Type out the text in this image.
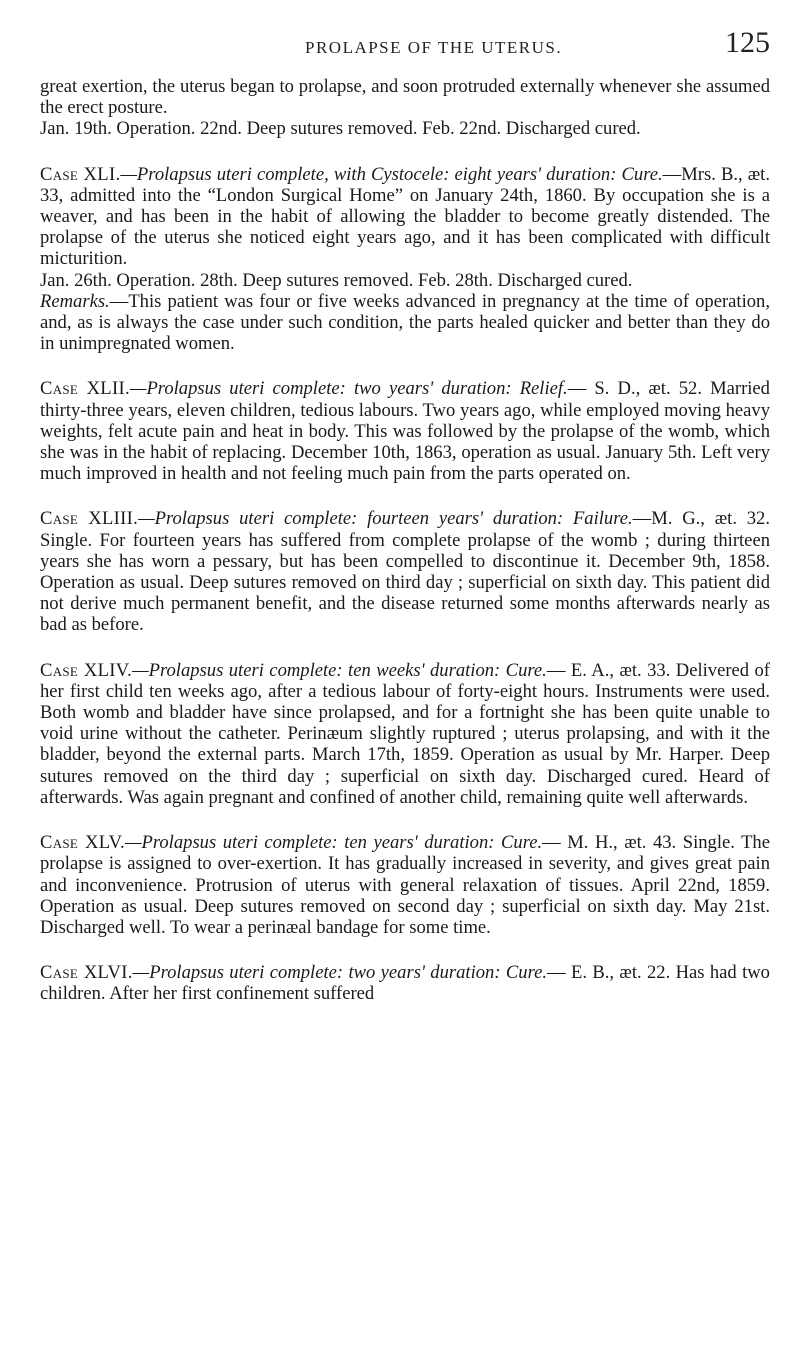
PROLAPSE OF THE UTERUS.	125

great exertion, the uterus began to prolapse, and soon protruded externally whenever she assumed the erect posture.

Jan. 19th. Operation. 22nd. Deep sutures removed. Feb. 22nd. Discharged cured.

Case XLI.—Prolapsus uteri complete, with Cystocele: eight years' duration: Cure.—Mrs. B., æt. 33, admitted into the “London Surgical Home” on January 24th, 1860. By occupation she is a weaver, and has been in the habit of allowing the bladder to become greatly distended. The prolapse of the uterus she noticed eight years ago, and it has been complicated with difficult micturition.

Jan. 26th. Operation. 28th. Deep sutures removed. Feb. 28th. Discharged cured.

Remarks.—This patient was four or five weeks advanced in pregnancy at the time of operation, and, as is always the case under such condition, the parts healed quicker and better than they do in unimpregnated women.

Case XLII.—Prolapsus uteri complete: two years' duration: Relief.— S. D., æt. 52. Married thirty-three years, eleven children, tedious labours. Two years ago, while employed moving heavy weights, felt acute pain and heat in body. This was followed by the prolapse of the womb, which she was in the habit of replacing. December 10th, 1863, operation as usual. January 5th. Left very much improved in health and not feeling much pain from the parts operated on.

Case XLIII.—Prolapsus uteri complete: fourteen years' duration: Failure.—M. G., æt. 32. Single. For fourteen years has suffered from complete prolapse of the womb ; during thirteen years she has worn a pessary, but has been compelled to discontinue it. December 9th, 1858. Operation as usual. Deep sutures removed on third day ; superficial on sixth day. This patient did not derive much permanent benefit, and the disease returned some months afterwards nearly as bad as before.

Case XLIV.—Prolapsus uteri complete: ten weeks' duration: Cure.— E. A., æt. 33. Delivered of her first child ten weeks ago, after a tedious labour of forty-eight hours. Instruments were used. Both womb and bladder have since prolapsed, and for a fortnight she has been quite unable to void urine without the catheter. Perinæum slightly ruptured ; uterus prolapsing, and with it the bladder, beyond the external parts. March 17th, 1859. Operation as usual by Mr. Harper. Deep sutures removed on the third day ; superficial on sixth day. Discharged cured. Heard of afterwards. Was again pregnant and confined of another child, remaining quite well afterwards.

Case XLV.—Prolapsus uteri complete: ten years' duration: Cure.— M. H., æt. 43. Single. The prolapse is assigned to over-exertion. It has gradually increased in severity, and gives great pain and inconvenience. Protrusion of uterus with general relaxation of tissues. April 22nd, 1859. Operation as usual. Deep sutures removed on second day ; superficial on sixth day. May 21st. Discharged well. To wear a perinæal bandage for some time.

Case XLVI.—Prolapsus uteri complete: two years' duration: Cure.— E. B., æt. 22. Has had two children. After her first confinement suffered
